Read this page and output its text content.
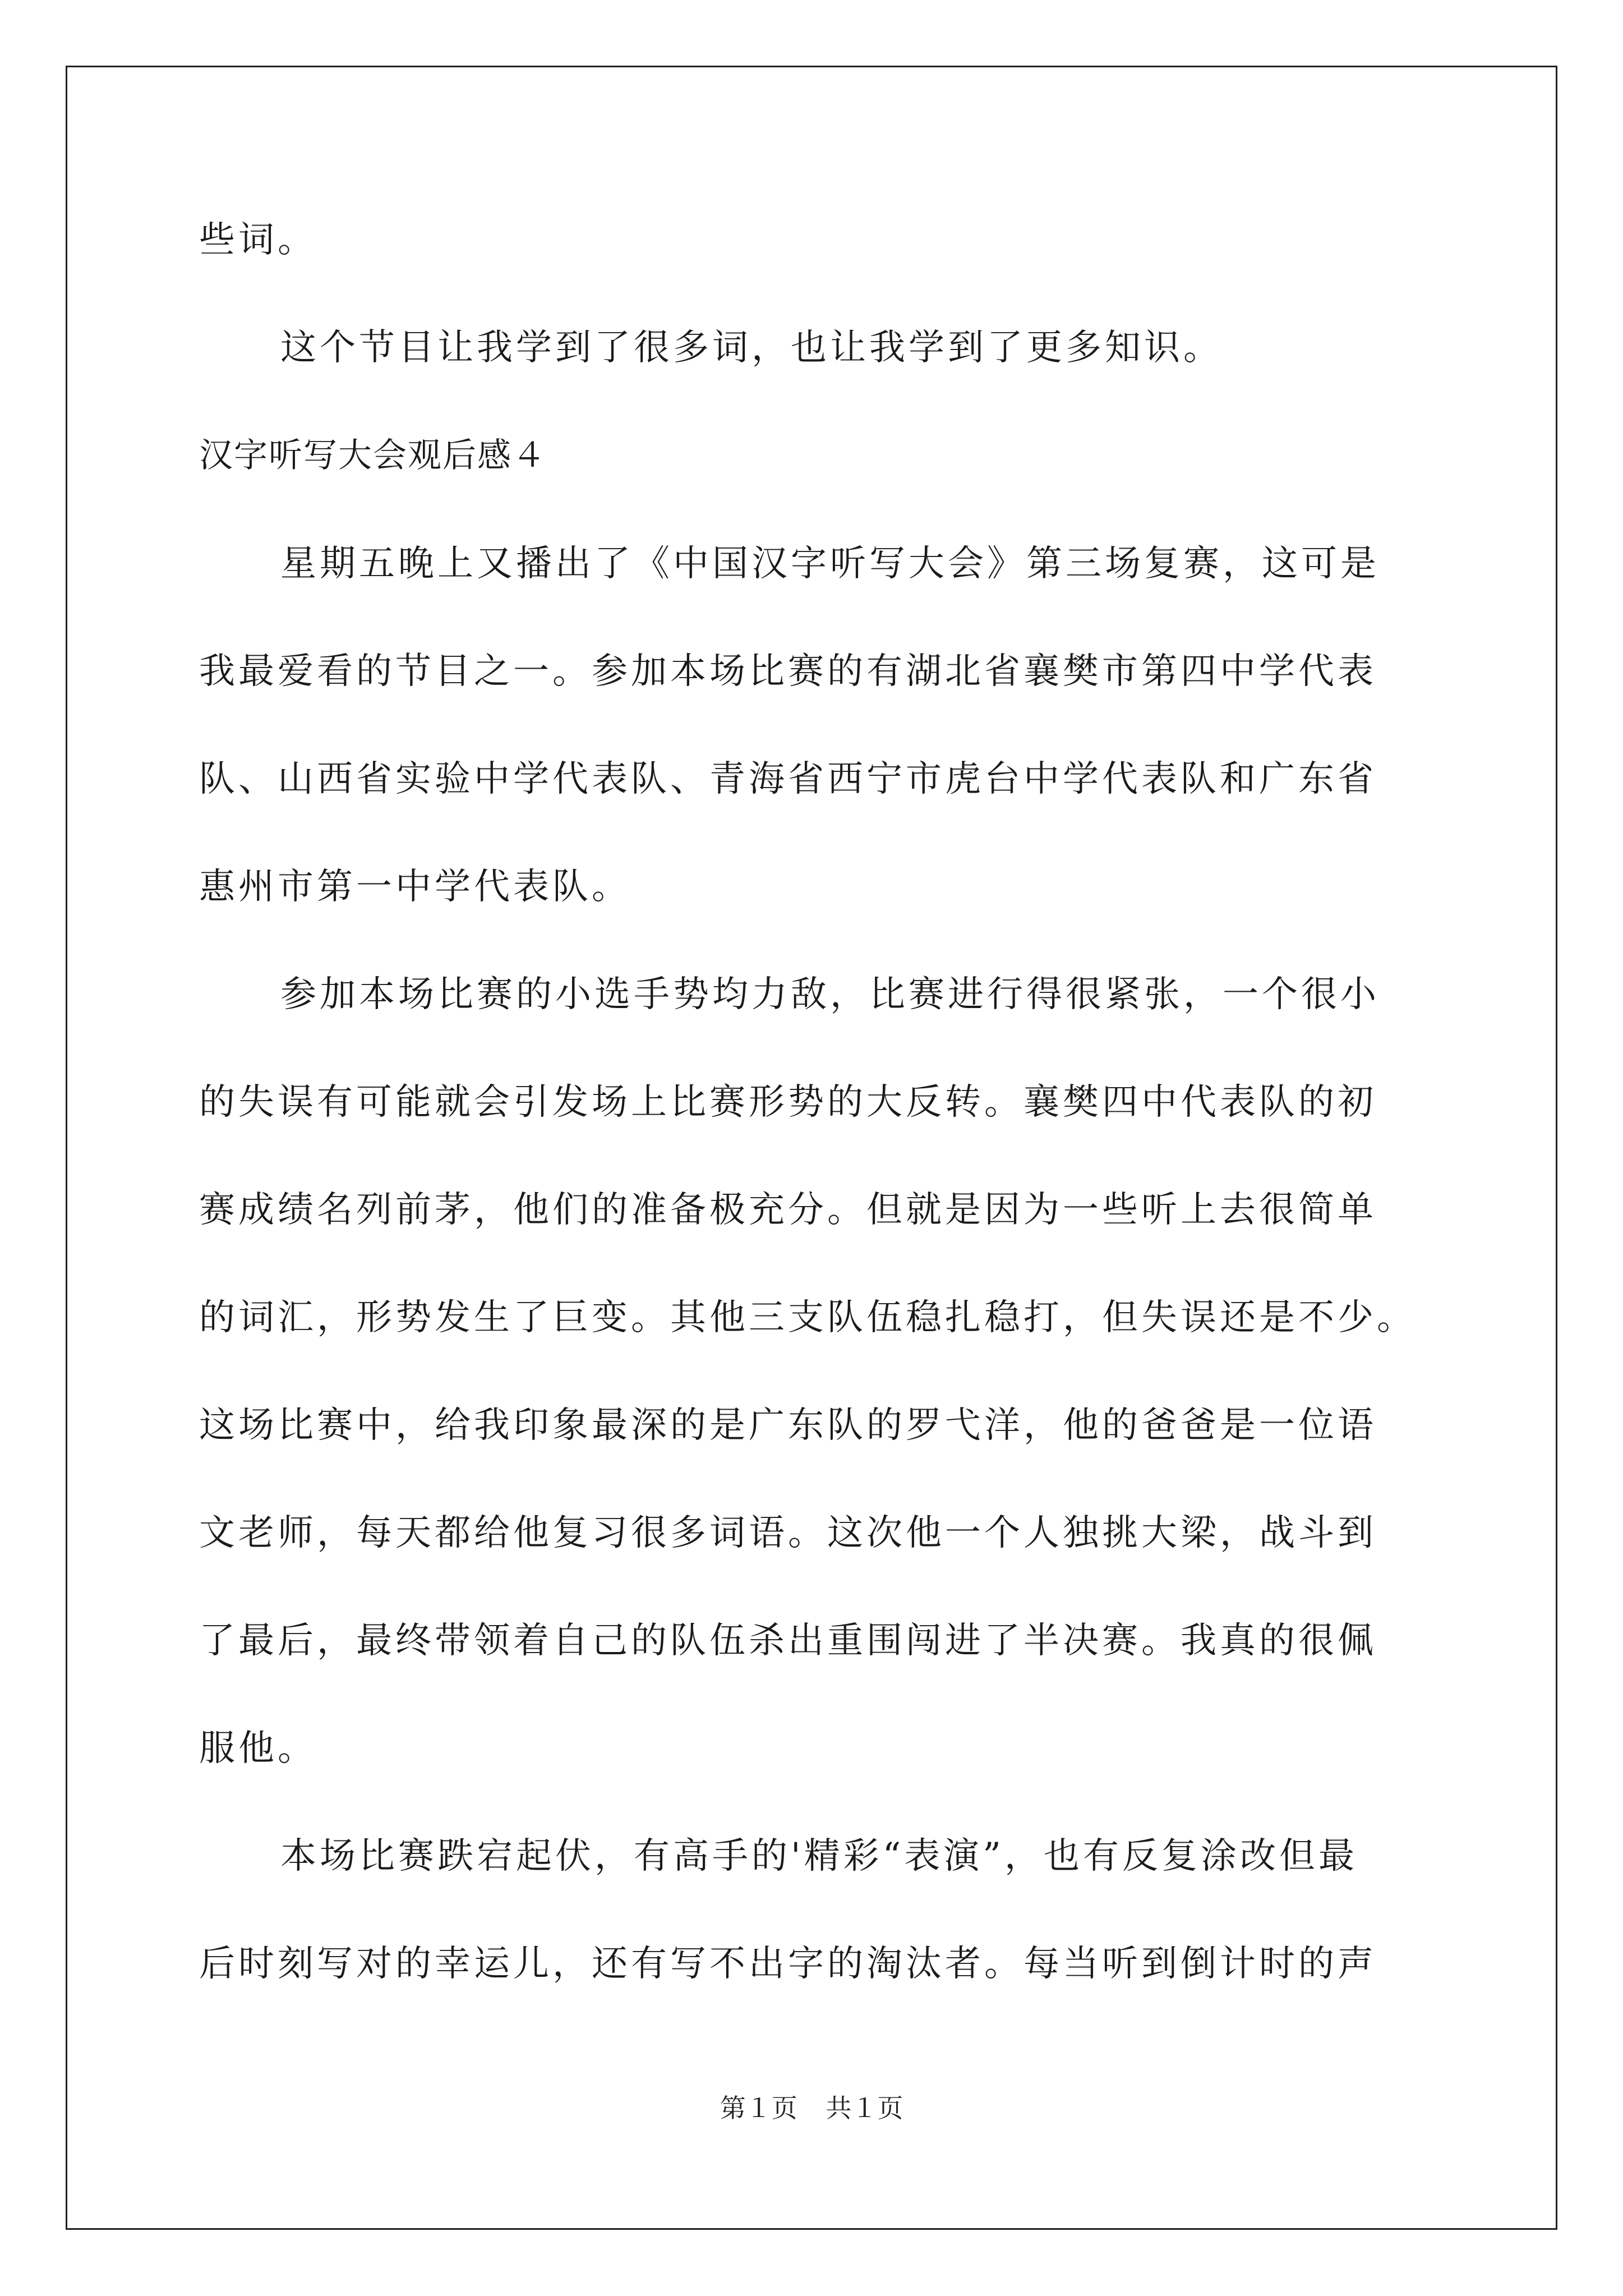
些词。
这个节目让我学到了很多词，也让我学到了更多知识。
汉字听写大会观后感４
星期五晚上又播出了《中国汉字听写大会》第三场复赛，这可是
我最爱看的节目之一。参加本场比赛的有湖北省襄樊市第四中学代表
队、山西省实验中学代表队、青海省西宁市虎台中学代表队和广东省
惠州市第一中学代表队。
参加本场比赛的小选手势均力敌，比赛进行得很紧张，一个很小
的失误有可能就会引发场上比赛形势的大反转。襄樊四中代表队的初
赛成绩名列前茅，他们的准备极充分。但就是因为一些听上去很简单
的词汇，形势发生了巨变。其他三支队伍稳扎稳打，但失误还是不少。
这场比赛中，给我印象最深的是广东队的罗弋洋，他的爸爸是一位语
文老师，每天都给他复习很多词语。这次他一个人独挑大梁，战斗到
了最后，最终带领着自己的队伍杀出重围闯进了半决赛。我真的很佩
服他。
本场比赛跌宕起伏，有高手的'精彩“表演”，也有反复涂改但最
后时刻写对的幸运儿，还有写不出字的淘汰者。每当听到倒计时的声
第１页 共１页
